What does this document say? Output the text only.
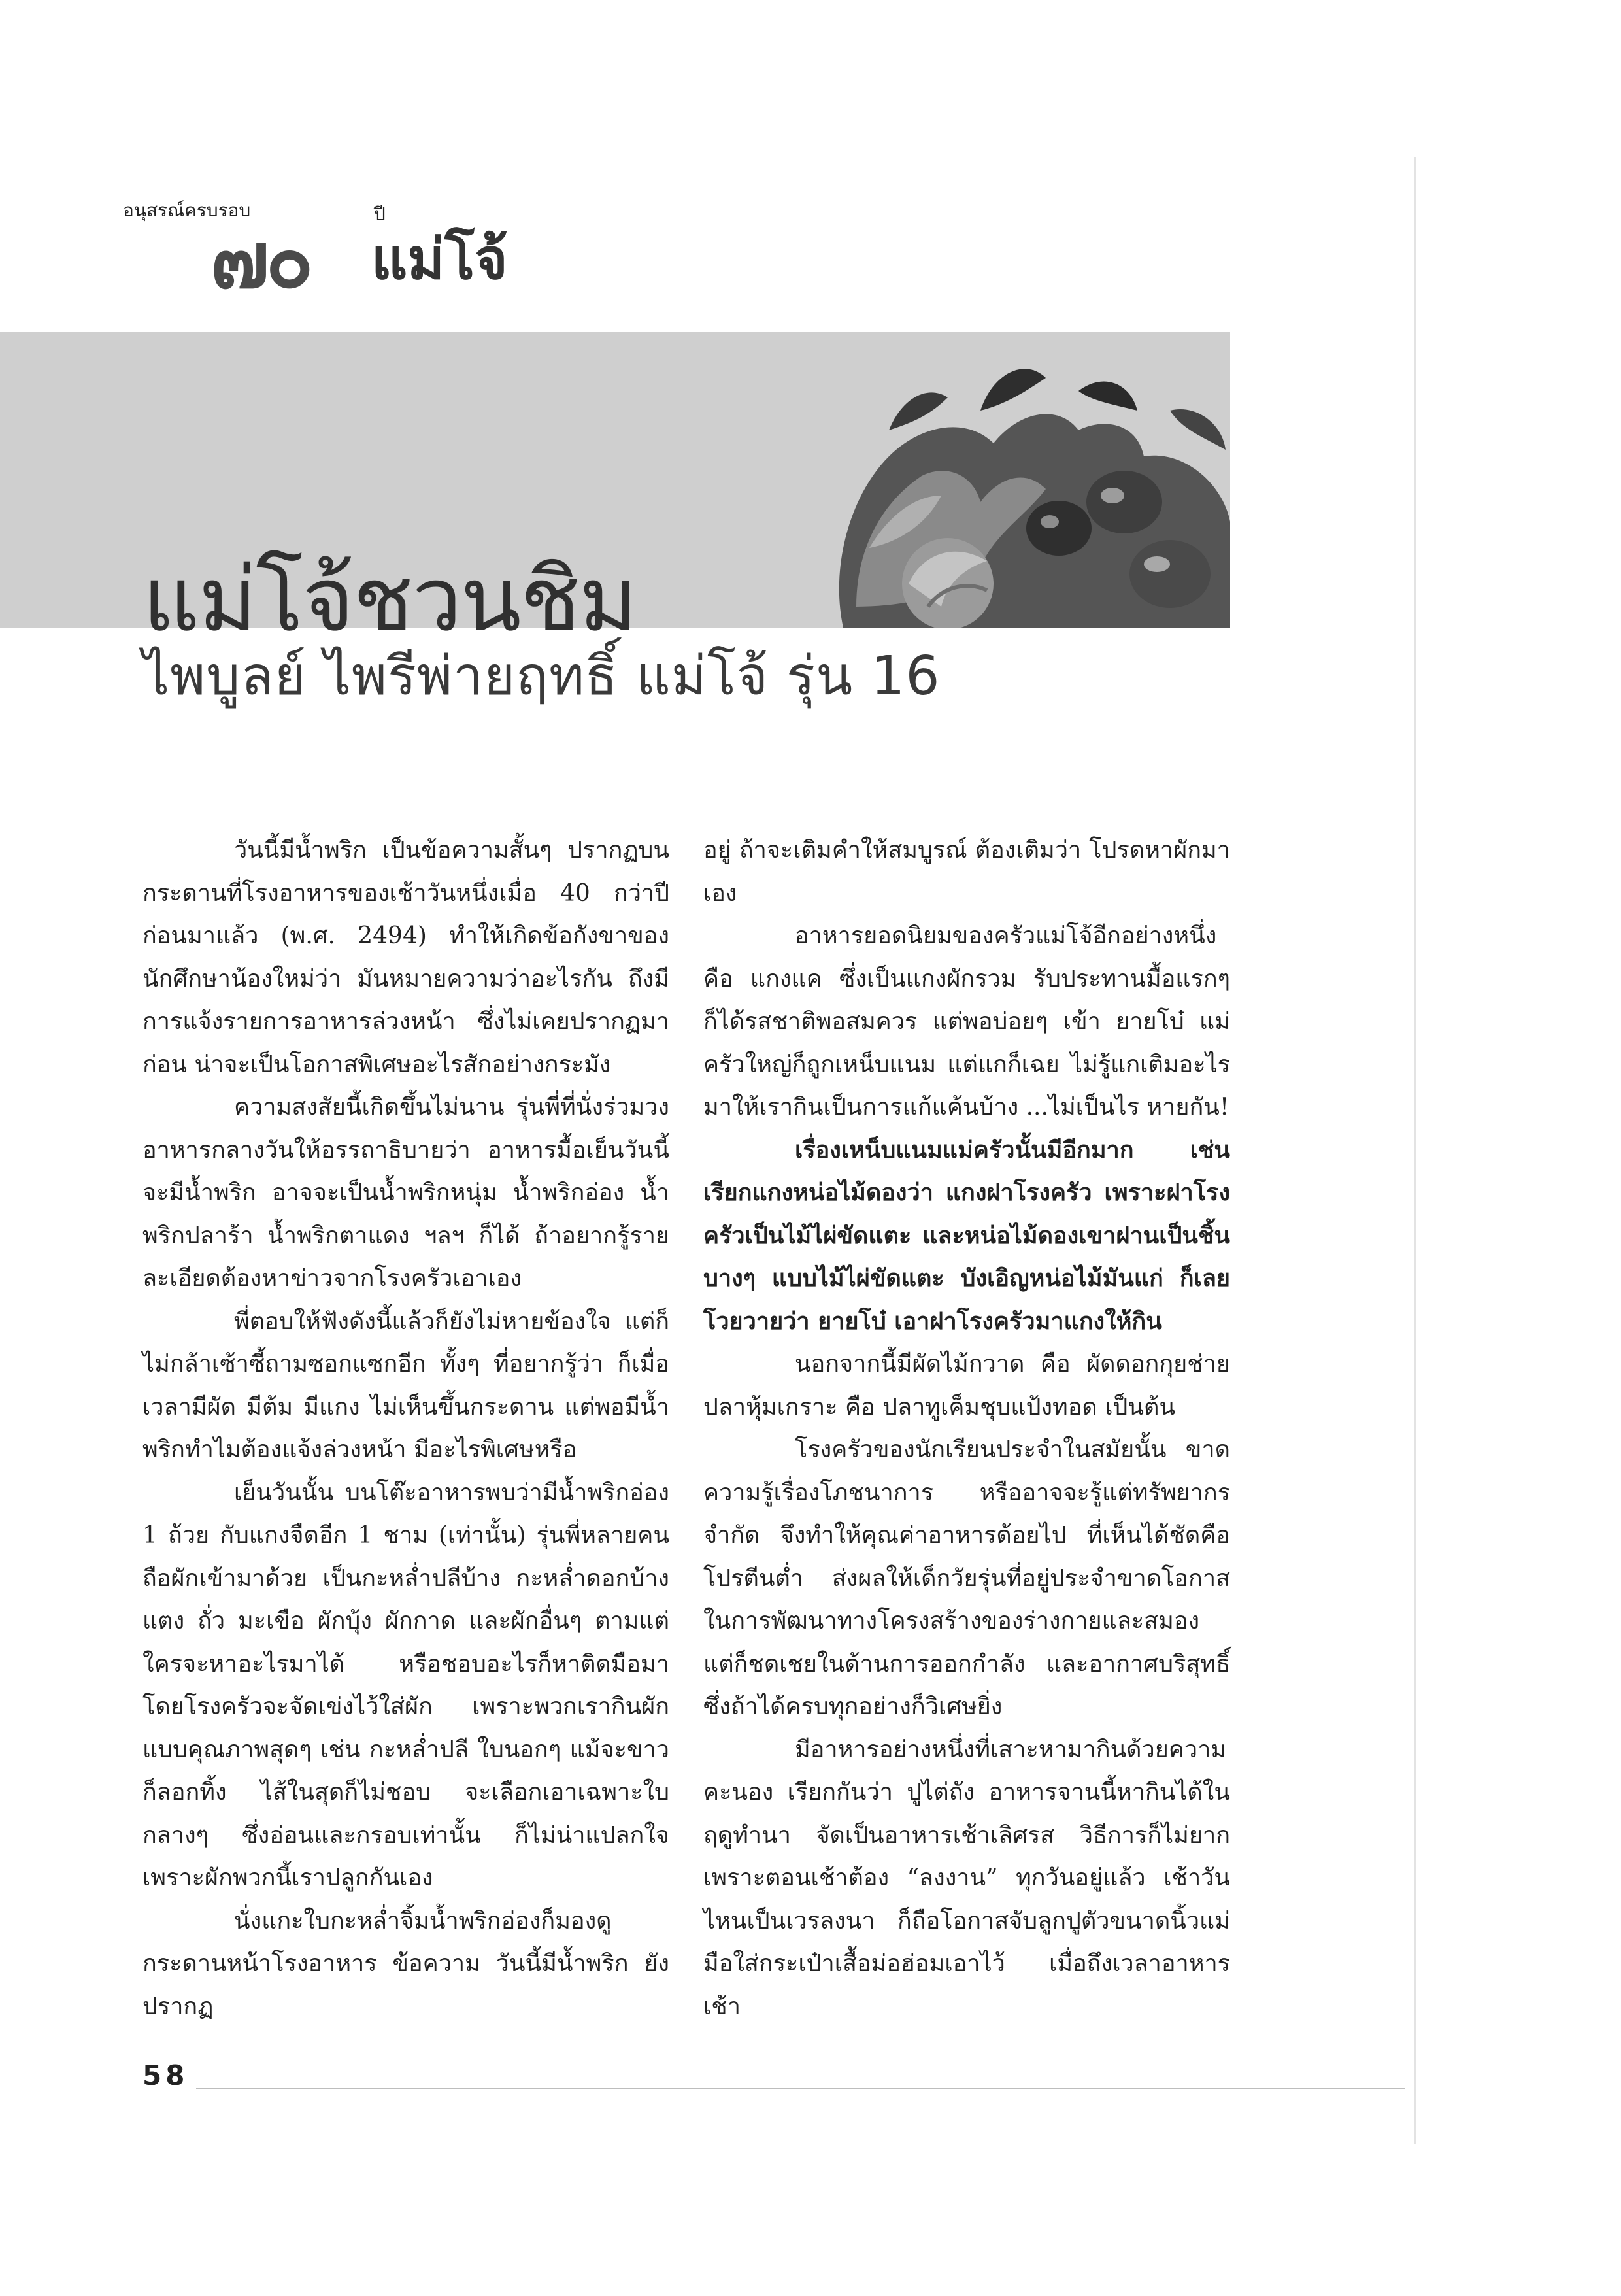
อนุสรณ์ครบรอบ	ปี
๗๐ แม่โจ้
แม่โจ้ชวนชิม
ไพบูลย์ ไพรีพ่ายฤทธิ์ แม่โจ้ รุ่น 16

วันนี้มีน้ำพริก เป็นข้อความสั้นๆ ปรากฏบนกระดานที่โรงอาหารของเช้าวันหนึ่งเมื่อ 40 กว่าปีก่อนมาแล้ว (พ.ศ. 2494) ทำให้เกิดข้อกังขาของนักศึกษาน้องใหม่ว่า มันหมายความว่าอะไรกัน ถึงมีการแจ้งรายการอาหารล่วงหน้า ซึ่งไม่เคยปรากฏมาก่อน น่าจะเป็นโอกาสพิเศษอะไรสักอย่างกระมัง

ความสงสัยนี้เกิดขึ้นไม่นาน รุ่นพี่ที่นั่งร่วมวงอาหารกลางวันให้อรรถาธิบายว่า อาหารมื้อเย็นวันนี้จะมีน้ำพริก อาจจะเป็นน้ำพริกหนุ่ม น้ำพริกอ่อง น้ำพริกปลาร้า น้ำพริกตาแดง ฯลฯ ก็ได้ ถ้าอยากรู้รายละเอียดต้องหาข่าวจากโรงครัวเอาเอง

พี่ตอบให้ฟังดังนี้แล้วก็ยังไม่หายข้องใจ แต่ก็ไม่กล้าเซ้าซี้ถามซอกแซกอีก ทั้งๆ ที่อยากรู้ว่า ก็เมื่อเวลามีผัด มีต้ม มีแกง ไม่เห็นขึ้นกระดาน แต่พอมีน้ำพริกทำไมต้องแจ้งล่วงหน้า มีอะไรพิเศษหรือ

เย็นวันนั้น บนโต๊ะอาหารพบว่ามีน้ำพริกอ่อง 1 ถ้วย กับแกงจืดอีก 1 ชาม (เท่านั้น) รุ่นพี่หลายคนถือผักเข้ามาด้วย เป็นกะหล่ำปลีบ้าง กะหล่ำดอกบ้าง แตง ถั่ว มะเขือ ผักบุ้ง ผักกาด และผักอื่นๆ ตามแต่ใครจะหาอะไรมาได้ หรือชอบอะไรก็หาติดมือมา โดยโรงครัวจะจัดเข่งไว้ใส่ผัก เพราะพวกเรากินผักแบบคุณภาพสุดๆ เช่น กะหล่ำปลี ใบนอกๆ แม้จะขาวก็ลอกทิ้ง ไส้ในสุดก็ไม่ชอบ จะเลือกเอาเฉพาะใบกลางๆ ซึ่งอ่อนและกรอบเท่านั้น ก็ไม่น่าแปลกใจเพราะผักพวกนี้เราปลูกกันเอง

นั่งแกะใบกะหล่ำจิ้มน้ำพริกอ่องก็มองดูกระดานหน้าโรงอาหาร ข้อความ วันนี้มีน้ำพริก ยังปรากฏ

อยู่ ถ้าจะเติมคำให้สมบูรณ์ ต้องเติมว่า โปรดหาผักมาเอง

อาหารยอดนิยมของครัวแม่โจ้อีกอย่างหนึ่ง คือ แกงแค ซึ่งเป็นแกงผักรวม รับประทานมื้อแรกๆ ก็ได้รสชาติพอสมควร แต่พอบ่อยๆ เข้า ยายโบ๋ แม่ครัวใหญ่ก็ถูกเหน็บแนม แต่แกก็เฉย ไม่รู้แกเติมอะไรมาให้เรากินเป็นการแก้แค้นบ้าง ...ไม่เป็นไร หายกัน!

เรื่องเหน็บแนมแม่ครัวนั้นมีอีกมาก เช่น เรียกแกงหน่อไม้ดองว่า แกงฝาโรงครัว เพราะฝาโรงครัวเป็นไม้ไผ่ขัดแตะ และหน่อไม้ดองเขาฝานเป็นชิ้นบางๆ แบบไม้ไผ่ขัดแตะ บังเอิญหน่อไม้มันแก่ ก็เลยโวยวายว่า ยายโบ๋ เอาฝาโรงครัวมาแกงให้กิน

นอกจากนี้มีผัดไม้กวาด คือ ผัดดอกกุยช่าย ปลาหุ้มเกราะ คือ ปลาทูเค็มชุบแป้งทอด เป็นต้น

โรงครัวของนักเรียนประจำในสมัยนั้น ขาดความรู้เรื่องโภชนาการ หรืออาจจะรู้แต่ทรัพยากรจำกัด จึงทำให้คุณค่าอาหารด้อยไป ที่เห็นได้ชัดคือ โปรตีนต่ำ ส่งผลให้เด็กวัยรุ่นที่อยู่ประจำขาดโอกาสในการพัฒนาทางโครงสร้างของร่างกายและสมอง แต่ก็ชดเชยในด้านการออกกำลัง และอากาศบริสุทธิ์ซึ่งถ้าได้ครบทุกอย่างก็วิเศษยิ่ง

มีอาหารอย่างหนึ่งที่เสาะหามากินด้วยความคะนอง เรียกกันว่า ปูไต่ถัง อาหารจานนี้หากินได้ในฤดูทำนา จัดเป็นอาหารเช้าเลิศรส วิธีการก็ไม่ยาก เพราะตอนเช้าต้อง “ลงงาน” ทุกวันอยู่แล้ว เช้าวันไหนเป็นเวรลงนา ก็ถือโอกาสจับลูกปูตัวขนาดนิ้วแม่มือใส่กระเป๋าเสื้อม่อฮ่อมเอาไว้ เมื่อถึงเวลาอาหารเช้า

58
